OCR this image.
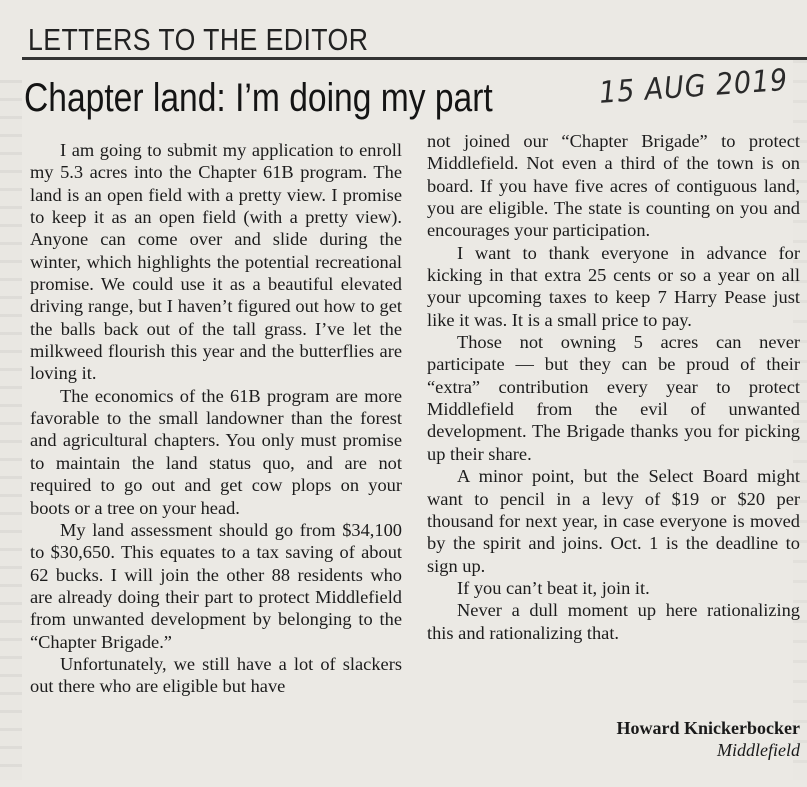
LETTERS TO THE EDITOR
Chapter land: I’m doing my part	15 AUG 2019

I am going to submit my application to enroll my 5.3 acres into the Chapter 61B program. The land is an open field with a pretty view. I promise to keep it as an open field (with a pretty view). Anyone can come over and slide during the winter, which highlights the potential recreational promise. We could use it as a beautiful elevated driving range, but I haven’t figured out how to get the balls back out of the tall grass. I’ve let the milkweed flourish this year and the butterflies are loving it.

The economics of the 61B program are more favorable to the small landowner than the forest and agricultural chapters. You only must promise to maintain the land status quo, and are not required to go out and get cow plops on your boots or a tree on your head.

My land assessment should go from $34,100 to $30,650. This equates to a tax saving of about 62 bucks. I will join the other 88 residents who are already doing their part to protect Middlefield from unwanted development by belonging to the “Chapter Brigade.”

Unfortunately, we still have a lot of slackers out there who are eligible but have

not joined our “Chapter Brigade” to protect Middlefield. Not even a third of the town is on board. If you have five acres of contiguous land, you are eligible. The state is counting on you and encourages your participation.

I want to thank everyone in advance for kicking in that extra 25 cents or so a year on all your upcoming taxes to keep 7 Harry Pease just like it was. It is a small price to pay.

Those not owning 5 acres can never participate — but they can be proud of their “extra” contribution every year to protect Middlefield from the evil of unwanted development. The Brigade thanks you for picking up their share.

A minor point, but the Select Board might want to pencil in a levy of $19 or $20 per thousand for next year, in case everyone is moved by the spirit and joins. Oct. 1 is the deadline to sign up.

If you can’t beat it, join it.

Never a dull moment up here rationalizing this and rationalizing that.

Howard Knickerbocker
Middlefield
